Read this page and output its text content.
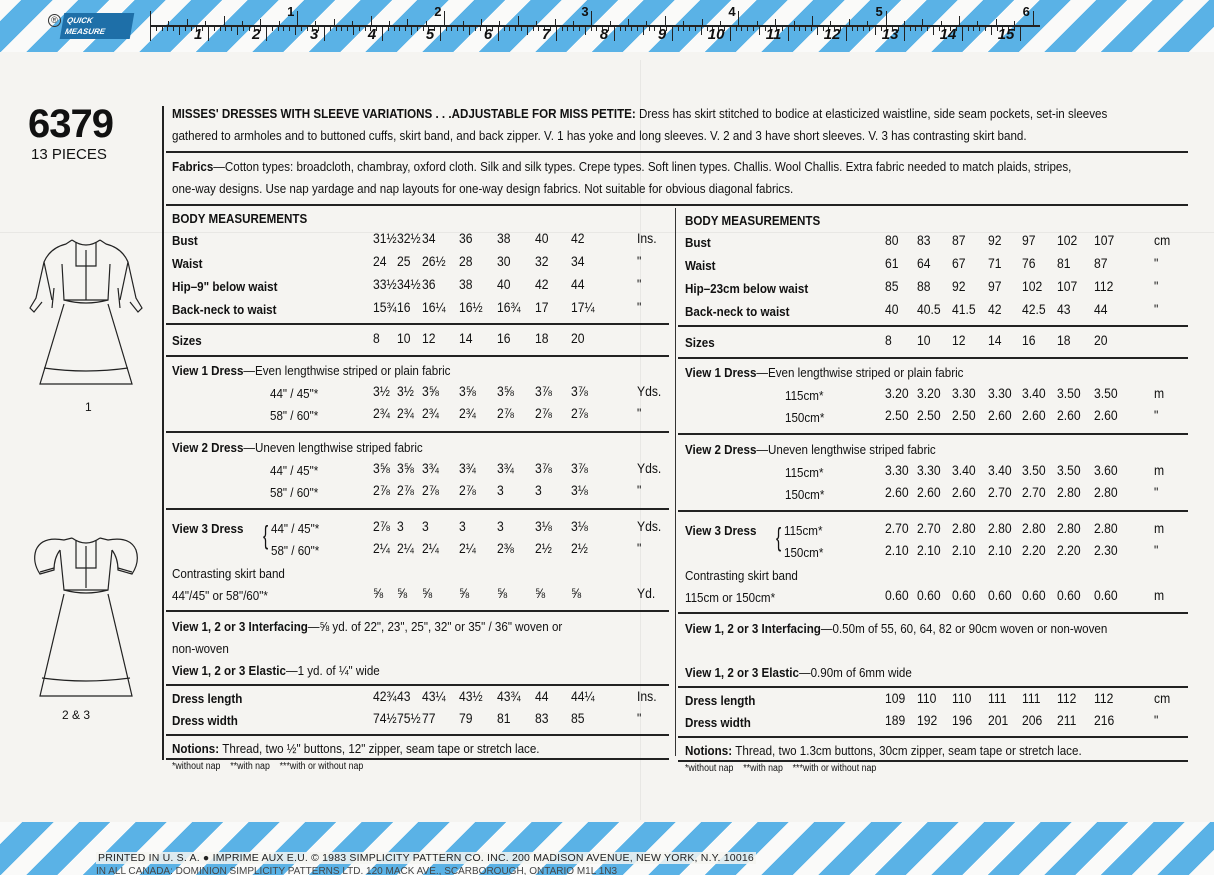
®	QUICK
MEASURE
1	2	3	4	5	6
1	2	3	4	5	6	7	8	9	10	11	12	13	14	15
6379
13 PIECES
1
2 & 3
MISSES' DRESSES WITH SLEEVE VARIATIONS . . .ADJUSTABLE FOR MISS PETITE: Dress has skirt stitched to bodice at elasticized waistline, side seam pockets, set-in sleeves
gathered to armholes and to buttoned cuffs, skirt band, and back zipper. V. 1 has yoke and long sleeves. V. 2 and 3 have short sleeves. V. 3 has contrasting skirt band.
Fabrics—Cotton types: broadcloth, chambray, oxford cloth. Silk and silk types. Crepe types. Soft linen types. Challis. Wool Challis. Extra fabric needed to match plaids, stripes,
one-way designs. Use nap yardage and nap layouts for one-way design fabrics. Not suitable for obvious diagonal fabrics.
BODY MEASUREMENTS
Bust	31½ 32½ 34 36 38 40 42	Ins.
Waist	24 25 26½ 28 30 32 34	"
Hip–9" below waist	33½ 34½ 36 38 40 42 44	"
Back-neck to waist	15¾ 16 16¼ 16½ 16¾ 17 17¼	"
Sizes	8 10 12 14 16 18 20
View 1 Dress—Even lengthwise striped or plain fabric
44" / 45"*	3½ 3½ 3⅝ 3⅝ 3⅝ 3⅞ 3⅞	Yds.
58" / 60"*	2¾ 2¾ 2¾ 2¾ 2⅞ 2⅞ 2⅞	"
View 2 Dress—Uneven lengthwise striped fabric
44" / 45"*	3⅝ 3⅝ 3¾ 3¾ 3¾ 3⅞ 3⅞	Yds.
58" / 60"*	2⅞ 2⅞ 2⅞ 2⅞ 3 3 3⅛	"
View 3 Dress { 44" / 45"*	2⅞ 3 3 3 3 3⅛ 3⅛	Yds.
58" / 60"*	2¼ 2¼ 2¼ 2¼ 2⅜ 2½ 2½	"
Contrasting skirt band
44"/45" or 58"/60"*	⅝ ⅝ ⅝ ⅝ ⅝ ⅝ ⅝	Yd.
View 1, 2 or 3 Interfacing—⅝ yd. of 22", 23", 25", 32" or 35" / 36" woven or
non-woven
View 1, 2 or 3 Elastic—1 yd. of ¼" wide
Dress length	42¾ 43 43¼ 43½ 43¾ 44 44¼	Ins.
Dress width	74½ 75½ 77 79 81 83 85	"
Notions: Thread, two ½" buttons, 12" zipper, seam tape or stretch lace.
*without nap    **with nap    ***with or without nap
BODY MEASUREMENTS
Bust	80 83 87 92 97 102 107	cm
Waist	61 64 67 71 76 81 87	"
Hip–23cm below waist	85 88 92 97 102 107 112	"
Back-neck to waist	40 40.5 41.5 42 42.5 43 44	"
Sizes	8 10 12 14 16 18 20
View 1 Dress—Even lengthwise striped or plain fabric
115cm*	3.20 3.20 3.30 3.30 3.40 3.50 3.50	m
150cm*	2.50 2.50 2.50 2.60 2.60 2.60 2.60	"
View 2 Dress—Uneven lengthwise striped fabric
115cm*	3.30 3.30 3.40 3.40 3.50 3.50 3.60	m
150cm*	2.60 2.60 2.60 2.70 2.70 2.80 2.80	"
View 3 Dress { 115cm*	2.70 2.70 2.80 2.80 2.80 2.80 2.80	m
150cm*	2.10 2.10 2.10 2.10 2.20 2.20 2.30	"
Contrasting skirt band
115cm or 150cm*	0.60 0.60 0.60 0.60 0.60 0.60 0.60	m
View 1, 2 or 3 Interfacing—0.50m of 55, 60, 64, 82 or 90cm woven or non-woven
View 1, 2 or 3 Elastic—0.90m of 6mm wide
Dress length	109 110 110 111 111 112 112	cm
Dress width	189 192 196 201 206 211 216	"
Notions: Thread, two 1.3cm buttons, 30cm zipper, seam tape or stretch lace.
*without nap    **with nap    ***with or without nap
PRINTED IN U. S. A. ● IMPRIME AUX E.U. © 1983 SIMPLICITY PATTERN CO. INC. 200 MADISON AVENUE, NEW YORK, N.Y. 10016
IN ALL CANADA: DOMINION SIMPLICITY PATTERNS LTD. 120 MACK AVE., SCARBOROUGH, ONTARIO M1L 1N3
